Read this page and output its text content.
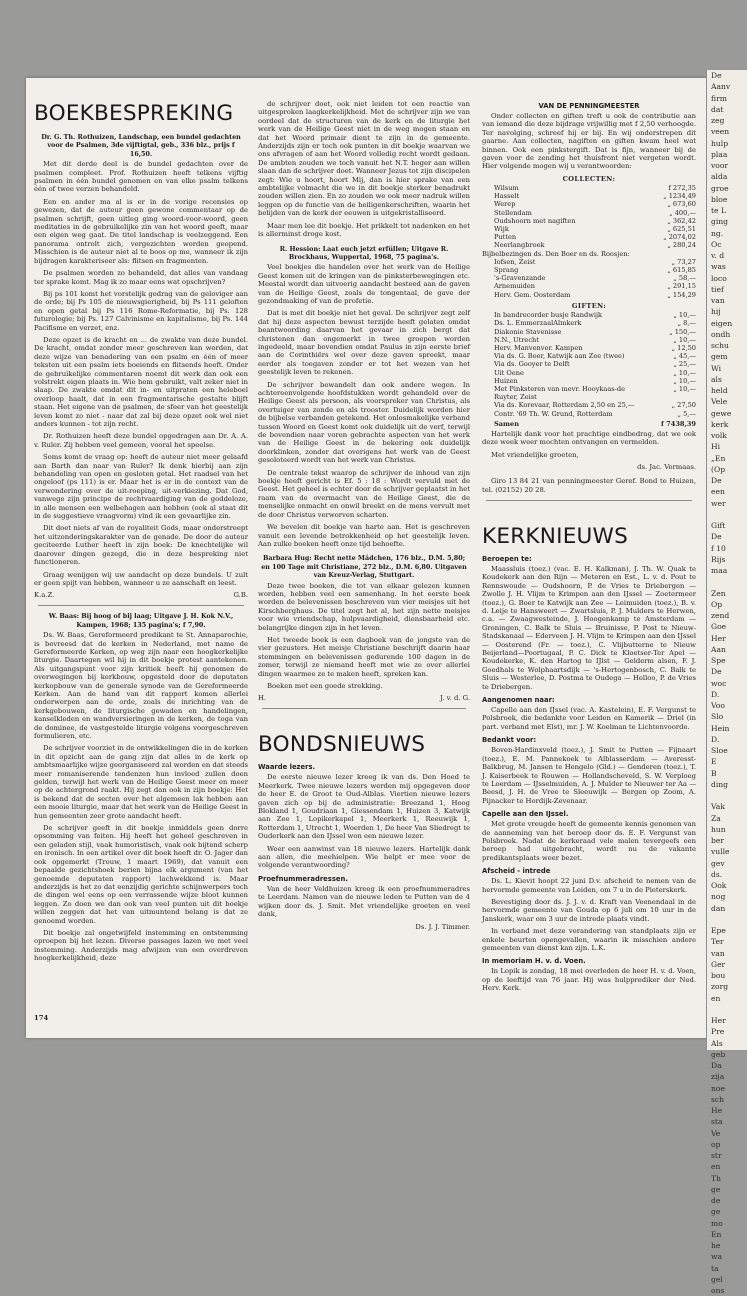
BOEKBESPREKING
Dr. G. Th. Rothuizen, Landschap, een bundel gedachten voor de Psalmen, 3de vijftigtal, geb., 336 blz., prijs f 16,50.

Met dit derde deel is de bundel gedachten over de psalmen compleet. Prof. Rothuizen heeft telkens vijftig psalmen in één bundel genomen en van elke psalm telkens één of twee verzen behandeld.

Een en ander ma al is er in de vorige recensies op gewezen, dat de auteur geen gewone commentaar op de psalmen schrijft, geen uitleg ging woord-voor-woord, geen meditaties in de gebruikelijke zin van het woord geeft, maar een eigen weg gaat. De titel landschap is veelzeggend. Een panorama ontrolt zich, vergezichten worden geopend. Misschien is de auteur niet al te boos op me, wanneer ik zijn bijdragen karakteriseer als: flitsen en fragmenten.

De psalmen worden zo behandeld, dat alles van vandaag ter sprake komt. Mag ik zo maar eens wat opschrijven?

Bij ps 101 komt het vorstelijk gedrag van de geloviger aan de orde; bij Ps 105 de nieuwsgierigheid, bij Ps 111 geloften en open getal bij Ps 116 Rome-Reformatie, bij Ps. 128 futurologie; bij Ps. 127 Calvinisme en kapitalisme, bij Ps. 144 Pacifisme en verzet, enz.

Deze opzet is de kracht en ... de zwakte van deze bundel. De kracht, omdat zonder meer geschreven kan worden, dat deze wijze van benadering van een psalm en één of meer teksten uit een psalm iets boeiends en flitsends heeft. Onder de gebruikelijke commentaren noemt dit werk dan ook een volstrekt eigen plaats in. Wie hem gebruikt, valt zeker niet in slaap. De zwakte omdat dit in- en uitpraten een heleboel overloop haalt, dat in een fragmentarische gestalte blijft staan. Het eigene van de psalmen, de sfeer van het geestelijk leven komt zo niet - naar dat zal bij deze opzet ook wel niet anders kunnen - tot zijn recht.

Dr. Rothuizen heeft deze bundel opgedragen aan Dr. A. A. v. Ruler. Zij hebben veel gemeen, vooral het speelse.

Soms komt de vraag op: heeft de auteur niet meer gelaafd aan Barth dan naar van Ruler? Ik denk hierbij aan zijn behandeling van open en gesloten getal. Het raadsel van het ongeloof (ps 111) is er. Maar het is er in de context van de verwondering over de uit-roeping, uit-verkiezing. Dat God, vanwege zijn principe de rechtvaardiging van de goddeloze, in alle mensen een welbehagen aan hebben (ook al staat dit in de suggestieve vraagvorm) vind ik een gevaarlijke zin.

Dit doet niets af van de royaliteit Gods, maar onderstreept het uitzonderingskarakter van de genade. De door de auteur geciteerde Luther heeft in zijn boek: De knechtelijke wil daarover dingen gezegd, die in deze bespreking niet functioneren.

Graag wenijgen wij uw aandacht op deze bundels. U zult er geen spijt van hebben, wanneer u ze aanschaft en leest.

K.a.Z.	G.B.
W. Baas: Bij hoog of bij laag; Uitgave J. H. Kok N.V., Kampen, 1968; 135 pagina's; f 7,90.

Ds. W. Baas, Gereformeerd predikant te St. Annaparochie, is bevreesd dat de kerken in Nederland, met name de Gereformeerde Kerken, op weg zijn naar een hoogkerkelijke liturgie. Daartegen wil hij in dit boekje protest aantekenen. Als uitgangspunt voor zijn kritiek heeft hij genomen de overwegingen bij kerkbouw, opgesteld door de deputaten kerkopbouw van de generale synode van de Gereformeerde Kerken. Aan de hand van dit rapport komen allerlei onderwerpen aan de orde, zoals de inrichting van de kerkgebouwen, de liturgische gewaden en handelingen, kanselkleden en wandversieringen in de kerken, de toga van de dominee, de vastgestelde liturgie volgens voorgeschreven formulieren, etc.

De schrijver voorziet in de ontwikkelingen die in de kerken in dit opzicht aan de gang zijn dat alles in de kerk op ambtsmaarlijke wijze georganiseerd zal worden en dat steeds meer romaniserende tendenzen hun invloed zullen doen gelden, terwijl het werk van de Heilige Geest meer en meer op de achtergrond raakt. Hij zegt dan ook in zijn boekje: Het is bekend dat de secten over het algemeen lak hebben aan een mooie liturgie, maar dat het werk van de Heilige Geest in hun gemeenten zeer grote aandacht heeft.

De schrijver geeft in dit boekje inmiddels geen dorre opsomming van feiten. Hij heeft het geheel geschreven in een geladen stijl, vaak humoristisch, vaak ook bijtend scherp en ironisch. In een artikel over dit boek heeft dr. O. Jager dan ook opgemerkt (Trouw, 1 maart 1969), dat vanuit een bepaalde gezichtshoek berien bijna elk argument (van het genoemde deputaten rapport) lachwekkend is. Maar anderzijds is het zo dat eenzijdig gerichte schijnwerpers toch de dingen wel eens op een verrassende wijze bloot kunnen leggen. Zo doen we dan ook van veel punten uit dit boekje willen zeggen dat het van uitmuntend belang is dat ze genoemd worden.

Dit boekje zal ongetwijfeld instemming en ontstemming oproepen bij het lezen. Diverse passages lazen we met veel instemming. Anderzijds mag afwijzen van een overdreven hoogkerkelijkheid, deze

de schrijver doet, ook niet leiden tot een reactie van uitgesproken laagkerkelijkheid. Met de schrijver zijn we van oordeel dat de structuren van de kerk en de liturgie het werk van de Heilige Geest niet in de weg mogen staan en dat het Woord primair dient te zijn in de gemeente. Anderzijds zijn er toch ook punten in dit boekje waarvan we ons afvragen of aan het Woord volledig recht wordt gedaan. De ambten zouden we toch vanuit het N.T. hoger aan willen slaan dan de schrijver doet. Wanneer Jezus tot zijn discipelen zegt: Wie u hoort, hoort Mij, dan is hier sprake van een ambtelijke volmacht die we in dit boekje sterker benadrukt zouden willen zien. En zo zouden we ook meer nadruk willen leggen op de functie van de heiligenkerschriften, waarin het belijden van de kerk der eeuwen is uitgekristalliseerd.

Maar men lee dit boekje. Het prikkelt tot nadenken en het is allerminst droge kost.

R. Hession: Laat euch jetzt erfüllen; Uitgave R. Brockhaus, Wuppertal, 1968, 75 pagina's.

Veel boekjes die handelen over het werk van de Heilige Geest komen uit de kringen van de pinksterbewegingen etc. Meestal wordt dan uitvoerig aandacht besteed aan de gaven van de Heilige Geest, zoals de tongentaal, de gave der gezondmaking of van de profetie.

Dat is met dit boekje niet het geval. De schrijver zegt zelf dat hij deze aspecten bewust terzijde heeft gelaten omdat beantwoording daarvan het gevaar in zich bergt dat christenen dan ongemerkt in twee groepen worden ingedeeld, maar bovendien omdat Paulus in zijn eerste brief aan de Corinthiërs wel over deze gaven spreekt, maar eerder als toegaven zonder er tot het wezen van het geestelijk leven te rekenen.

De schrijver bewandelt dan ook andere wegen. In achtereenvolgende hoofdstukken wordt gehandeld over de Heilige Geest als persoon, als voorspreker van Christus, als overtuiger van zonde en als trooster. Duidelijk worden hier de bijbelse verbanden getekend. Het onlosmakelijke verband tussen Woord en Geest komt ook duidelijk uit de verf, terwijl de bovendien naar voren gebrachte aspecten van het werk van de Heilige Geest in de bekering ook duidelijk doorklinken, zonder dat overigens het werk van de Geest gesoloteerd wordt van het werk van Christus.

De centrale tekst waarop de schrijver de inhoud van zijn boekje heeft gericht is Ef. 5 : 18 : Wordt vervuld met de Geest. Het geheel is echter door de schrijver geplaatst in het raam van de overmacht van de Heilige Geest, die de menselijke onmacht en onwil breekt en de mens vervult met de door Christus verworven scharten.

We bevelen dit boekje van harte aan. Het is geschreven vanuit een levende betrokkenheid op het geestelijk leven. Aan zulke boeken heeft onze tijd behoefte.

Barbara Hug: Recht nette Mädchen, 176 blz., D.M. 5,80; en 100 Tage mit Christiane, 272 blz., D.M. 6,80. Uitgaven van Kreuz-Verlag, Stuttgart.

Deze twee boeken, die tot van elkaar gelezen kunnen worden, hebben veel een samenhang. In het eerste boek worden de belevenissen beschreven van vier meisjes uit het Kirschberghaus. De titel zegt het al, het zijn nette meisjes voor wie vriendschap, hulpvaardigheid, diensbaarheid etc. belangrijke dingen zijn in het leven.

Het tweede boek is een dagboek van de jongste van de vier gezusters. Het meisje Christiane beschrijft daarin haar stemmingen en belevenissen gedurende 100 dagen in de zomer, terwijl ze niemand heeft met wie ze over allerlei dingen waarmee ze te maken heeft, spreken kan.

Boeken met een goede strekking.

H.	J. v. d. G.
BONDSNIEUWS
Waarde lezers.

De eerste nieuwe lezer kreeg ik van ds. Den Hoed te Meerkerk. Twee nieuwe lezers werden mij opgegeven door de heer E. de Groot te Oud-Alblas. Viertien nieuwe lezers gaven zich op bij de administratie: Breezand 1, Hoog Blokland 1, Goudriaan 1, Giessendam 1, Huizen 3, Katwijk aan Zee 1, Lopikerkapel 1, Meerkerk 1, Reeuwijk 1, Rotterdam 1, Utrecht 1, Woerden 1, De heer Van Sliedregt te Ouderkerk aan den IJssel won een nieuwe lezer.

Weer een aanwinst van 18 nieuwe lezers. Hartelijk dank aan allen, die meehielpen. Wie helpt er mee voor de volgende verantwoording?

Proefnummeradressen.

Van de heer Veldhuizen kreeg ik een proefnummeradres te Leerdam. Namen van de nieuwe leden te Putten van de 4 wijken door ds. J. Smit. Met vriendelijke groeten en veel dank,

Ds. J. J. Timmer.
VAN DE PENNINGMEESTER

Onder collecten en giften treft u ook de contributie aan van iemand die deze bijdrage vrijwillig met f 2,50 verhoogde. Ter navolging, schreef hij er bij. En wij onderstrepen dit gaarne. Aan collecten, nagiften en giften kwam heel wat binnen. Ook een pinkstergift. Dat is fijn, wanneer bij de gaven voor de zending het thuisfront niet vergeten wordt. Hier volgende mogen wij u verantwoorden:

COLLECTEN:
Wilsum	f 272,35
Hasselt	„ 1234,49
Werep	„ 673,60
Stellendam	„ 400,—
Oudshoorn met nagiften	„ 362,42
Wijk	„ 625,51
Putten	„ 2074,02
Neerlangbroek	„ 280,24
Bijbelbezingen ds. Den Boer en ds. Roosjen:
Iofsen, Zeist	„ 73,27
Sprang	„ 615,85
's-Gravenzande	„ 58,—
Arnemuiden	„ 291,15
Herv. Gem. Oosterdam	„ 154,29
GIFTEN:
In bandrecorder busje Randwijk	„ 10,—
Ds. L. EmmerzaalAlmkerk	„ 8,—
Diakonie Stavenisse	„ 150,—
N.N., Utrecht	„ 10,—
Herv. Manvenver. Kampen	„ 12,50
Via ds. G. Boer, Katwijk aan Zee (twee)	„ 45,—
Via ds. Gooyer te Delft	„ 25,—
Uit Oene	„ 10,—
Huizen	„ 10,—
Met Pinksteren van mevr. Hooykaas-de Ruyter, Zeist
„ 10,—
Via ds. Korevaar, Rotterdam 2,50 en 25,—	„ 27,50
Contr. '69 Th. W. Grund, Rotterdam	„ 5,—
Samen	f 7438,39

Hartelijk dank voor het prachtige eindbedrag, dat we ook deze week weer mochten ontvangen en vermelden.

Met vriendelijke groeten,

ds. Jac. Vermaas.

Giro 13 84 21 van penningmeester Geref. Bond te Huizen, tel. (02152) 20 28.

KERKNIEUWS
Beroepen te:

Maassluis (toez.) (vac. E. H. Kalkman), J. Th. W. Quak te Koudekerk aan den Rijn — Meteren en Est., L. v. d. Pout te Rennswoude — Oudshoorn, P. de Vries te Driebergen — Zwolle J. H. Vlijm te Krimpen aan den IJssel — Zoetermeer (toez.), G. Boer te Katwijk aan Zee — Leimuiden (toez.), B. v. d. Leije te Hansweert — Zwartsluis, P. J. Mulders te Herwen, c.a. — Zwaagwesteinde, J. Hoogenkamp te Amsterdam — Groningen, C. Balk te Sluis — Bruinisse, P. Post te Nieuw-Stadskanaal — Ederveen J. H. Vlijm te Krimpen aan den IJssel — Oosterend (Fr. — toez.), C. Vlijbutterne te Nieuw Beijerland—Poortugaal, P. C. Dick te Kloetser-Ter Apel — Koudekerke, K. den Hartog te IJlst — Gelderm alsen, F. J. Goedhals te Wolphaartsdijk — 's-Hertogenbosch, C. Balk te Sluis — Westerlee, D. Postma te Oudega — Helloo, P. de Vries te Driebergen.

Aangenomen naar:

Capelle aan den IJssel (vac. A. Kastelein), E. F. Vergunst te Polsbroek, die bedankte voor Leiden en Kamerik — Driel (in part. verband met Elst), mr. J. W. Koelman te Lichtenvoorde.

Bedankt voor:

Boven-Hardinxveld (toez.), J. Smit te Putten — Fijnaart (toez.), E. M. Pannekoek te Alblasserdam — Averesst-Balkbrug, M. Jansen te Hengelo (Gld.) — Genderen (toez.), T. J. Kaiserbeek te Rouwen — Hollandscheveld, S. W. Verploeg te Loerdam — IJsselmuiden, A. J. Mulder te Nieuwer ter Aa — Beesd, J. H. de Vree te Sleeuwijk — Bergen op Zoom, A. Pijnacker te Hordijk-Zevenaar.

Capelle aan den IJssel.

Met grote vreugde heeft de gemeente kennis genomen van de aanneming van het beroep door ds. E. F. Vergunst van Polsbroek. Nadat de kerkeraad vele malen tevergeefs een beroep had uitgebracht, wordt nu de vakante predikantsplaats weer bezet.

Afscheid - intrede

Ds. L. Kievit hoopt 22 juni D.v. afscheid te nemen van de hervormde gemeente van Leiden, om 7 u in de Pieterskerk.

Bevestiging door ds. J. J. v. d. Kraft van Veenendaal in de hervormde gemeente van Gouda op 6 juli om 10 uur in de Janskerk, waar om 3 uur de intrede plaats vindt.

In verband met deze verandering van standplaats zijn er enkele beurten opengevallen, waarin ik misschien andere gemeenten van dienst kan zijn. L.K.

In memoriam H. v. d. Voen.

In Lopik is zondag, 18 mei overleden de heer H. v. d. Voen, op de leeftijd van 76 jaar. Hij was hulpprediker der Ned. Herv. Kerk.

174
De
Aanv
firm
dat
zeg
veen
hulp
plaa
voor
alda
groe
bloe
te L
ging
ng.
Oc
v. d
was
loco
tief
van
hij
eigen
ondh
schu
gem
Wi
als
held
Vele
gewe
kerk
volk
Hi
„En
(Op
De
een
wer

Gift
De
f 10
Rijs
maa

Zen
Op
zend
Goe
Her
Aan
Spe
De
woc
D.
Voo
Slo
Hein
D.
Sloe
E
B
ding

Vak
Za
hun
ber
vulle
gev
ds.
Ook
nog
dan

Epe
Ter
van
Ger
bou
zorg
en

Her
Pre
Als
geb
Da
zija
noe
sch
He
sta
Ve
op
str
en
Th
ge
de
ge
mo
En
he
wa
ta
gel
ons
